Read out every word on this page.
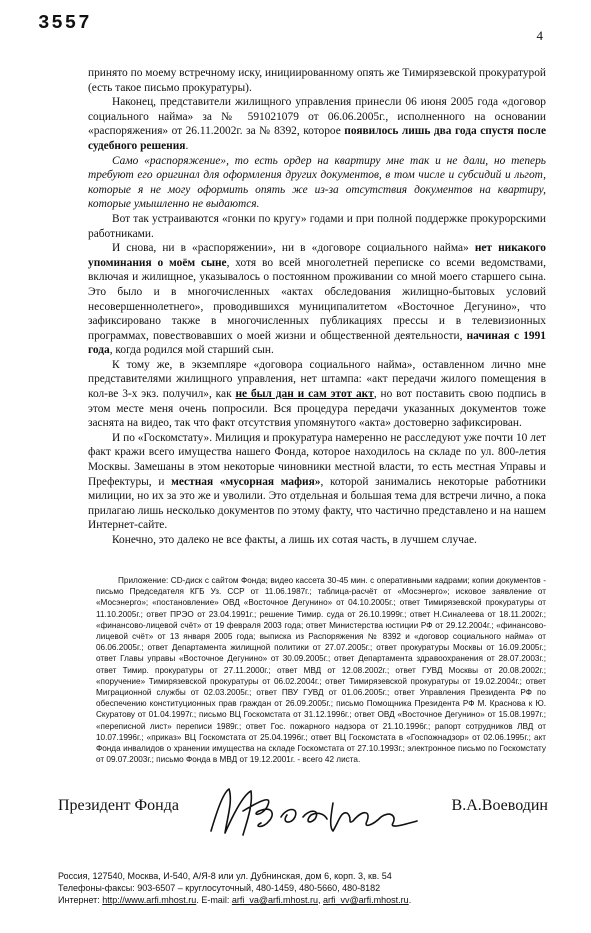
3557
4

принято по моему встречному иску, инициированному опять же Тимирязевской прокуратурой (есть такое письмо прокуратуры).

Наконец, представители жилищного управления принесли 06 июня 2005 года «договор социального найма» за № 591021079 от 06.06.2005г., исполненного на основании «распоряжения» от 26.11.2002г. за № 8392, которое появилось лишь два года спустя после судебного решения.

Само «распоряжение», то есть ордер на квартиру мне так и не дали, но теперь требуют его оригинал для оформления других документов, в том числе и субсидий и льгот, которые я не могу оформить опять же из-за отсутствия документов на квартиру, которые умышленно не выдаются.

Вот так устраиваются «гонки по кругу» годами и при полной поддержке прокурорскими работниками.

И снова, ни в «распоряжении», ни в «договоре социального найма» нет никакого упоминания о моём сыне, хотя во всей многолетней переписке со всеми ведомствами, включая и жилищное, указывалось о постоянном проживании со мной моего старшего сына. Это было и в многочисленных «актах обследования жилищно-бытовых условий несовершеннолетнего», проводившихся муниципалитетом «Восточное Дегунино», что зафиксировано также в многочисленных публикациях прессы и в телевизионных программах, повествовавших о моей жизни и общественной деятельности, начиная с 1991 года, когда родился мой старший сын.

К тому же, в экземпляре «договора социального найма», оставленном лично мне представителями жилищного управления, нет штампа: «акт передачи жилого помещения в кол-ве 3-х экз. получил», как не был дан и сам этот акт, но вот поставить свою подпись в этом месте меня очень попросили. Вся процедура передачи указанных документов тоже заснята на видео, так что факт отсутствия упомянутого «акта» достоверно зафиксирован.

И по «Госкомстату». Милиция и прокуратура намеренно не расследуют уже почти 10 лет факт кражи всего имущества нашего Фонда, которое находилось на складе по ул. 800-летия Москвы. Замешаны в этом некоторые чиновники местной власти, то есть местная Управы и Префектуры, и местная «мусорная мафия», которой занимались некоторые работники милиции, но их за это же и уволили. Это отдельная и большая тема для встречи лично, а пока прилагаю лишь несколько документов по этому факту, что частично представлено и на нашем Интернет-сайте.

Конечно, это далеко не все факты, а лишь их сотая часть, в лучшем случае.

Приложение: CD-диск с сайтом Фонда; видео кассета 30-45 мин. с оперативными кадрами; копии документов - письмо Председателя КГБ Уз. ССР от 11.06.1987г.; таблица-расчёт от «Мосэнерго»; исковое заявление от «Мосэнерго»; «постановление» ОВД «Восточное Дегунино» от 04.10.2005г.; ответ Тимирязевской прокуратуры от 11.10.2005г.; ответ ПРЭО от 23.04.1991г.; решение Тимир. суда от 26.10.1999г.; ответ Н.Синалеева от 18.11.2002г.; «финансово-лицевой счёт» от 19 февраля 2003 года; ответ Министерства юстиции РФ от 29.12.2004г.; «финансово-лицевой счёт» от 13 января 2005 года; выписка из Распоряжения № 8392 и «договор социального найма» от 06.06.2005г.; ответ Департамента жилищной политики от 27.07.2005г.; ответ прокуратуры Москвы от 16.09.2005г.; ответ Главы управы «Восточное Дегунино» от 30.09.2005г.; ответ Департамента здравоохранения от 28.07.2003г.; ответ Тимир. прокуратуры от 27.11.2000г.; ответ МВД от 12.08.2002г.; ответ ГУВД Москвы от 20.08.2002г.; «поручение» Тимирязевской прокуратуры от 06.02.2004г.; ответ Тимирязевской прокуратуры от 19.02.2004г.; ответ Миграционной службы от 02.03.2005г.; ответ ПВУ ГУВД от 01.06.2005г.; ответ Управления Президента РФ по обеспечению конституционных прав граждан от 26.09.2005г.; письмо Помощника Президента РФ М. Краснова к Ю. Скуратову от 01.04.1997г.; письмо ВЦ Госкомстата от 31.12.1996г.; ответ ОВД «Восточное Дегунино» от 15.08.1997г.; «переписной лист» переписи 1989г.; ответ Гос. пожарного надзора от 21.10.1996г.; рапорт сотрудников ЛВД от 10.07.1996г.; «приказ» ВЦ Госкомстата от 25.04.1996г.; ответ ВЦ Госкомстата в «Госпожнадзор» от 02.06.1995г.; акт Фонда инвалидов о хранении имущества на складе Госкомстата от 27.10.1993г.; электронное письмо по Госкомстату от 09.07.2003г.; письмо Фонда в МВД от 19.12.2001г. - всего 42 листа.

Президент Фонда	В.А.Воеводин
Россия, 127540, Москва, И-540, А/Я-8 или ул. Дубнинская, дом 6, корп. 3, кв. 54
Телефоны-факсы: 903-6507 – круглосуточный, 480-1459, 480-5660, 480-8182
Интернет: http://www.arfi.mhost.ru. E-mail: arfi_va@arfi.mhost.ru, arfi_vv@arfi.mhost.ru.
